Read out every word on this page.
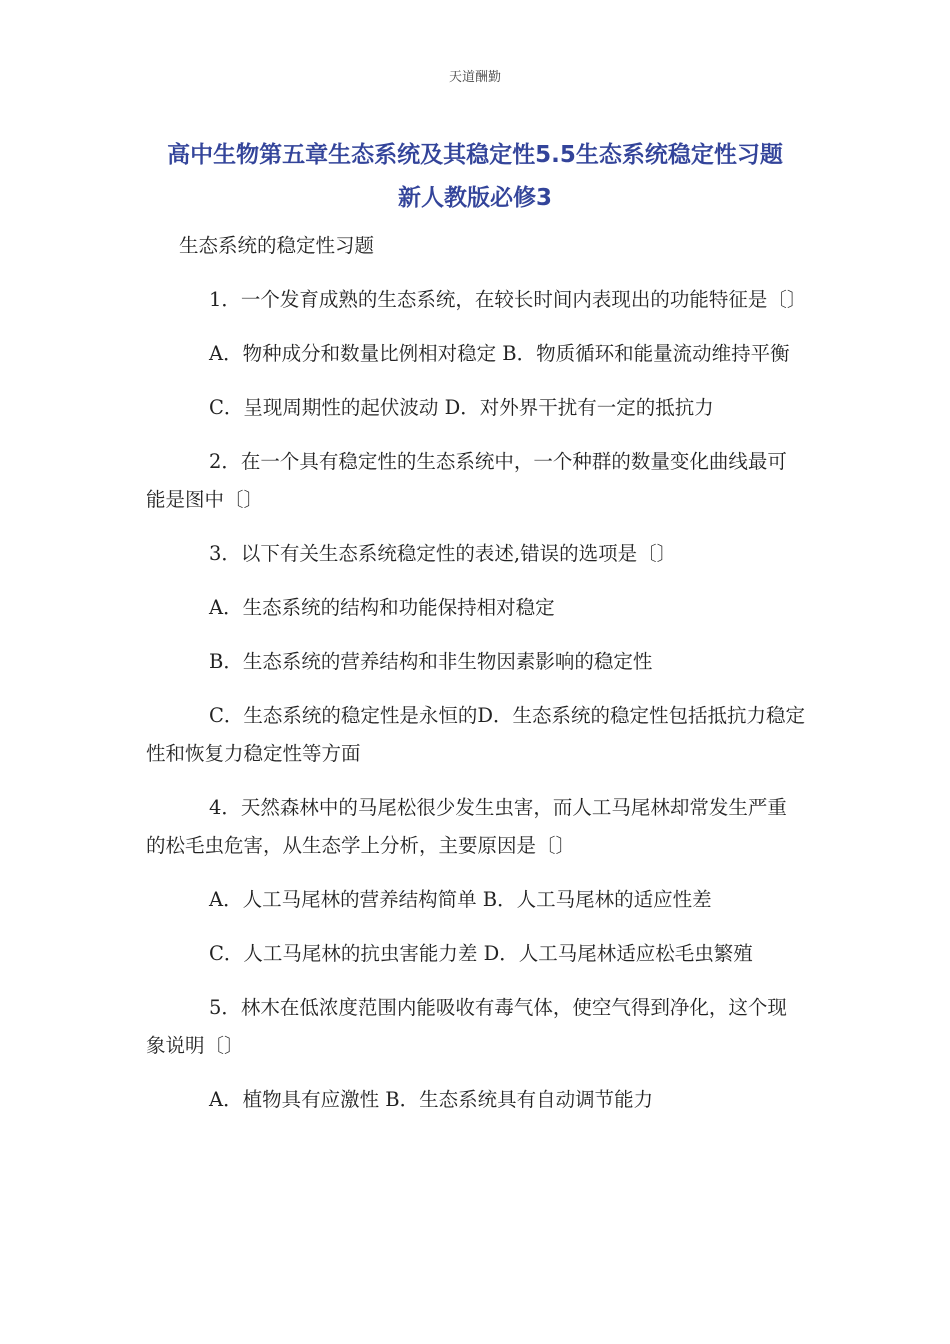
天道酬勤
高中生物第五章生态系统及其稳定性5.5生态系统稳定性习题
新人教版必修3

生态系统的稳定性习题

1．一个发育成熟的生态系统，在较长时间内表现出的功能特征是〔〕

A．物种成分和数量比例相对稳定 B．物质循环和能量流动维持平衡

C．呈现周期性的起伏波动 D．对外界干扰有一定的抵抗力

2．在一个具有稳定性的生态系统中，一个种群的数量变化曲线最可能是图中〔〕

3．以下有关生态系统稳定性的表述,错误的选项是〔〕

A．生态系统的结构和功能保持相对稳定

B．生态系统的营养结构和非生物因素影响的稳定性

C．生态系统的稳定性是永恒的D．生态系统的稳定性包括抵抗力稳定性和恢复力稳定性等方面

4．天然森林中的马尾松很少发生虫害，而人工马尾林却常发生严重的松毛虫危害，从生态学上分析，主要原因是〔〕

A．人工马尾林的营养结构简单 B．人工马尾林的适应性差

C．人工马尾林的抗虫害能力差 D．人工马尾林适应松毛虫繁殖

5．林木在低浓度范围内能吸收有毒气体，使空气得到净化，这个现象说明〔〕

A．植物具有应激性 B．生态系统具有自动调节能力
